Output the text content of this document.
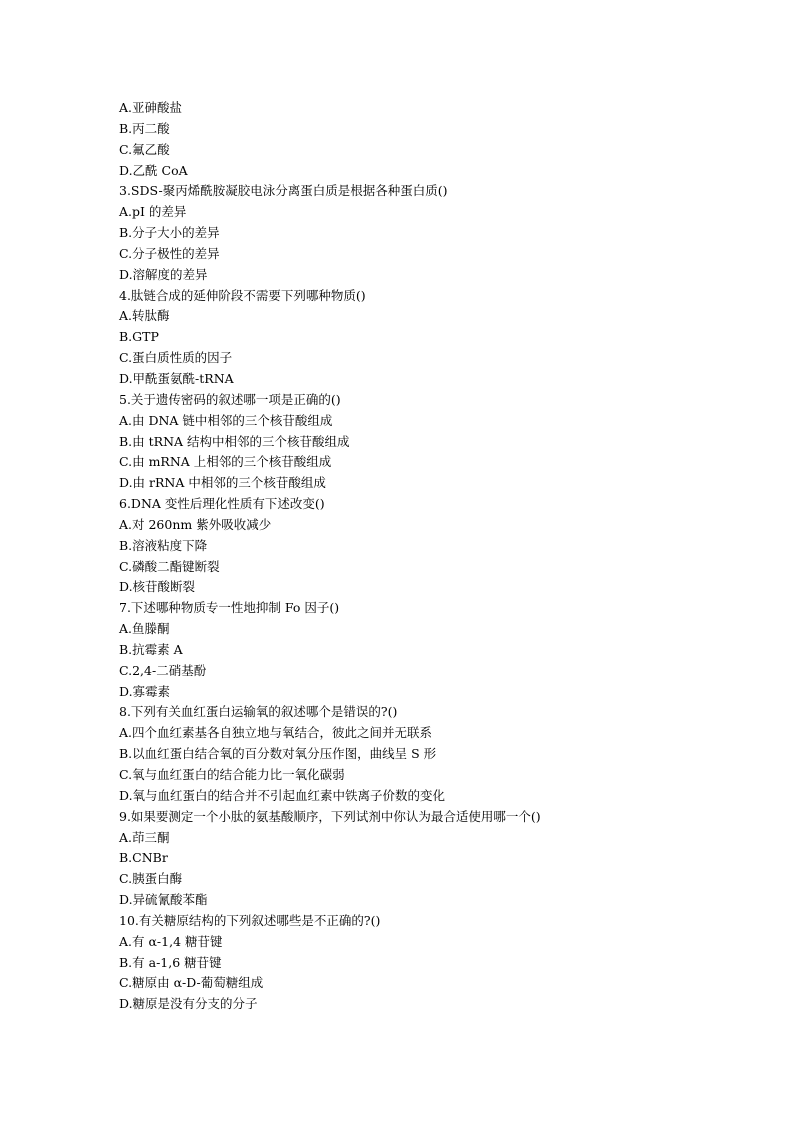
A.亚砷酸盐
B.丙二酸
C.氟乙酸
D.乙酰 CoA
3.SDS-聚丙烯酰胺凝胶电泳分离蛋白质是根据各种蛋白质()
A.pI 的差异
B.分子大小的差异
C.分子极性的差异
D.溶解度的差异
4.肽链合成的延伸阶段不需要下列哪种物质()
A.转肽酶
B.GTP
C.蛋白质性质的因子
D.甲酰蛋氨酰-tRNA
5.关于遗传密码的叙述哪一项是正确的()
A.由 DNA 链中相邻的三个核苷酸组成
B.由 tRNA 结构中相邻的三个核苷酸组成
C.由 mRNA 上相邻的三个核苷酸组成
D.由 rRNA 中相邻的三个核苷酸组成
6.DNA 变性后理化性质有下述改变()
A.对 260nm 紫外吸收减少
B.溶液粘度下降
C.磷酸二酯键断裂
D.核苷酸断裂
7.下述哪种物质专一性地抑制 Fo 因子()
A.鱼滕酮
B.抗霉素 A
C.2,4-二硝基酚
D.寡霉素
8.下列有关血红蛋白运输氧的叙述哪个是错误的?()
A.四个血红素基各自独立地与氧结合，彼此之间并无联系
B.以血红蛋白结合氧的百分数对氧分压作图，曲线呈 S 形
C.氧与血红蛋白的结合能力比一氧化碳弱
D.氧与血红蛋白的结合并不引起血红素中铁离子价数的变化
9.如果要测定一个小肽的氨基酸顺序，下列试剂中你认为最合适使用哪一个()
A.茚三酮
B.CNBr
C.胰蛋白酶
D.异硫氰酸苯酯
10.有关糖原结构的下列叙述哪些是不正确的?()
A.有 α-1,4 糖苷键
B.有 a-1,6 糖苷键
C.糖原由 α-D-葡萄糖组成
D.糖原是没有分支的分子
